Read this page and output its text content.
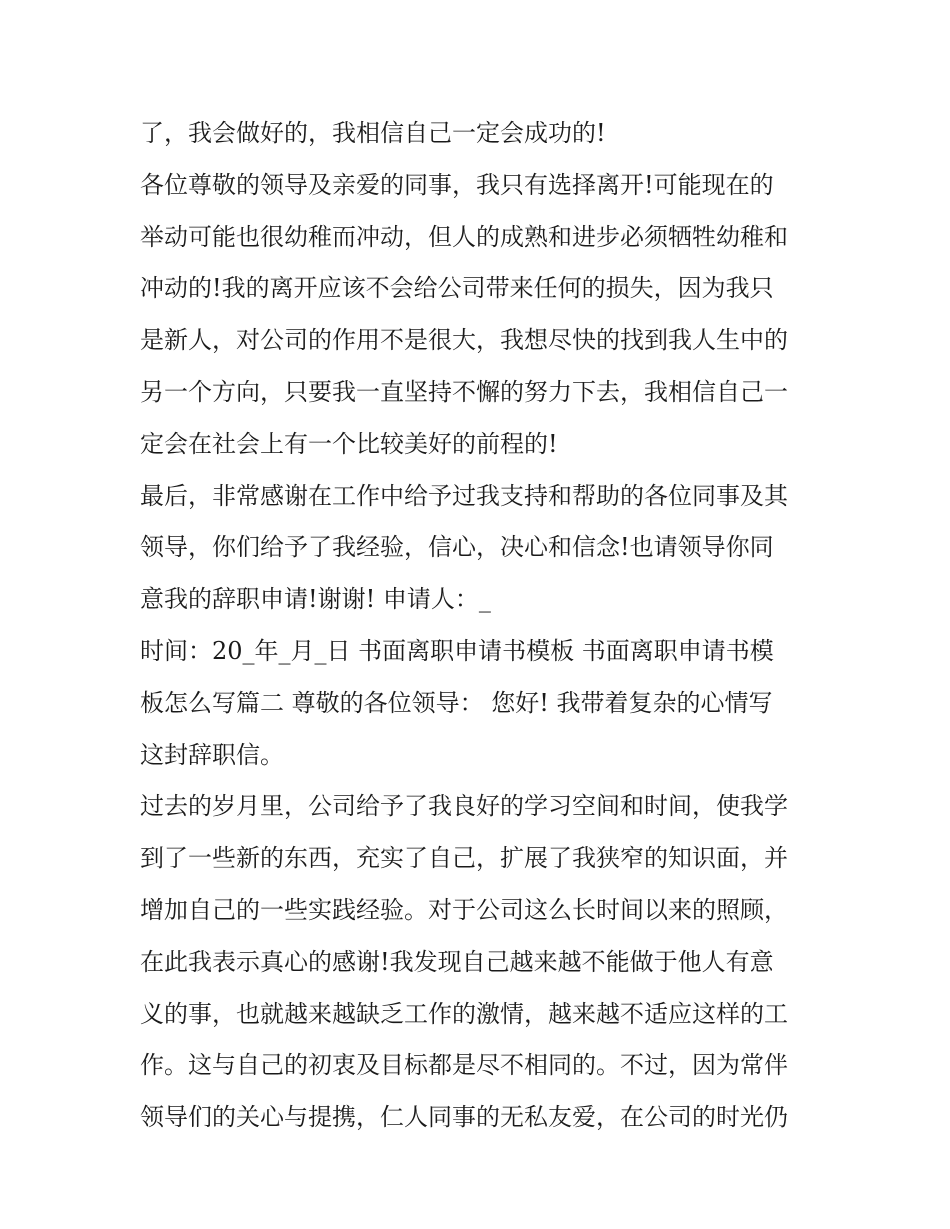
了，我会做好的，我相信自己一定会成功的!
各位尊敬的领导及亲爱的同事，我只有选择离开!可能现在的
举动可能也很幼稚而冲动，但人的成熟和进步必须牺牲幼稚和
冲动的!我的离开应该不会给公司带来任何的损失，因为我只
是新人，对公司的作用不是很大，我想尽快的找到我人生中的
另一个方向，只要我一直坚持不懈的努力下去，我相信自己一
定会在社会上有一个比较美好的前程的!
最后，非常感谢在工作中给予过我支持和帮助的各位同事及其
领导，你们给予了我经验，信心，决心和信念!也请领导你同
意我的辞职申请!谢谢! 申请人：_
时间：20_年_月_日 书面离职申请书模板 书面离职申请书模
板怎么写篇二 尊敬的各位领导： 您好! 我带着复杂的心情写
这封辞职信。
过去的岁月里，公司给予了我良好的学习空间和时间，使我学
到了一些新的东西，充实了自己，扩展了我狭窄的知识面，并
增加自己的一些实践经验。对于公司这么长时间以来的照顾，
在此我表示真心的感谢!我发现自己越来越不能做于他人有意
义的事，也就越来越缺乏工作的激情，越来越不适应这样的工
作。这与自己的初衷及目标都是尽不相同的。不过，因为常伴
领导们的关心与提携，仁人同事的无私友爱，在公司的时光仍
